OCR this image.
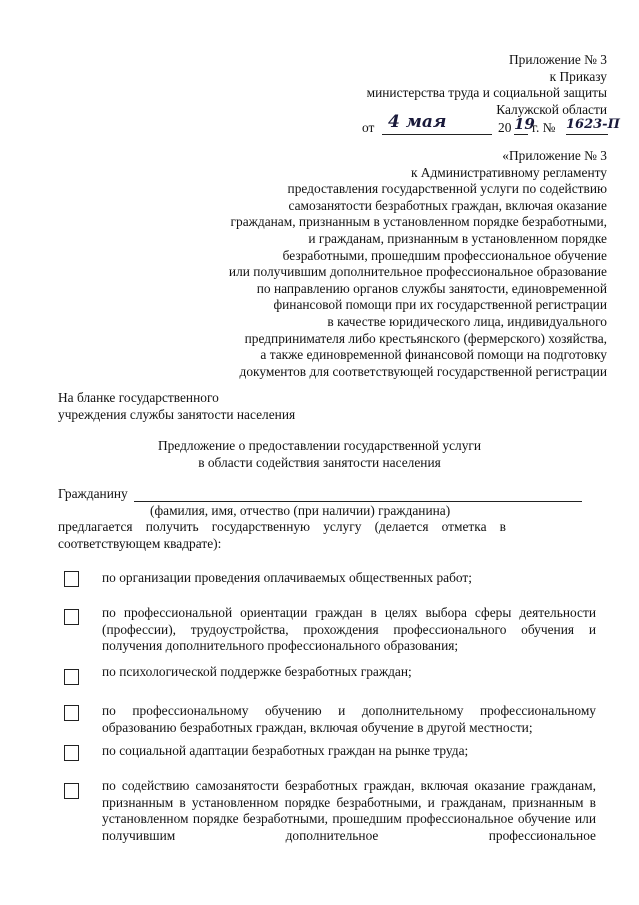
Приложение № 3
к Приказу
министерства труда и социальной защиты
Калужской области
от 4 мая	20 19
г. № 1623-П
«Приложение № 3
к Административному регламенту
предоставления государственной услуги по содействию
самозанятости безработных граждан, включая оказание
гражданам, признанным в установленном порядке безработными,
и гражданам, признанным в установленном порядке
безработными, прошедшим профессиональное обучение
или получившим дополнительное профессиональное образование
по направлению органов службы занятости, единовременной
финансовой помощи при их государственной регистрации
в качестве юридического лица, индивидуального
предпринимателя либо крестьянского (фермерского) хозяйства,
а также единовременной финансовой помощи на подготовку
документов для соответствующей государственной регистрации
На бланке государственного
учреждения службы занятости населения
Предложение о предоставлении государственной услуги
в области содействия занятости населения
Гражданину
(фамилия, имя, отчество (при наличии) гражданина)
предлагается получить государственную услугу (делается отметка в
соответствующем квадрате):
по организации проведения оплачиваемых общественных работ;
по профессиональной ориентации граждан в целях выбора сферы деятельности (профессии), трудоустройства, прохождения профессионального обучения и получения дополнительного профессионального образования;
по психологической поддержке безработных граждан;
по профессиональному обучению и дополнительному профессиональному образованию безработных граждан, включая обучение в другой местности;
по социальной адаптации безработных граждан на рынке труда;
по содействию самозанятости безработных граждан, включая оказание гражданам, признанным в установленном порядке безработными, и гражданам, признанным в установленном порядке безработными, прошедшим профессиональное обучение или получившим дополнительное профессиональное
